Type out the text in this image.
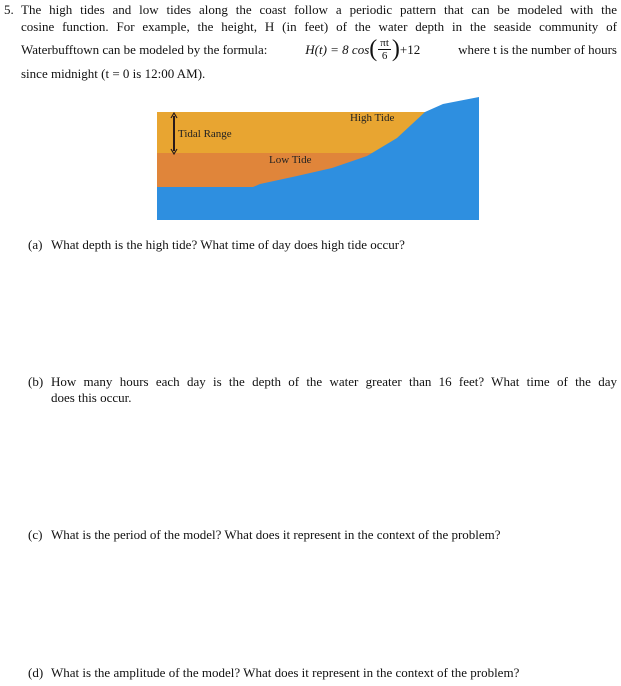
5. The high tides and low tides along the coast follow a periodic pattern that can be modeled with the
cosine function. For example, the height, H (in feet) of the water depth in the seaside community of
Waterbufftown can be modeled by the formula:	H(t) = 8 cos ( $\frac{\pi t}{6}$ ) +12	where t is the number of hours
since midnight (t = 0 is 12:00 AM).
Tidal Range
High Tide
Low Tide
(a) What depth is the high tide? What time of day does high tide occur?
(b) How many hours each day is the depth of the water greater than 16 feet? What time of the day
does this occur.
(c) What is the period of the model? What does it represent in the context of the problem?
(d) What is the amplitude of the model? What does it represent in the context of the problem?
